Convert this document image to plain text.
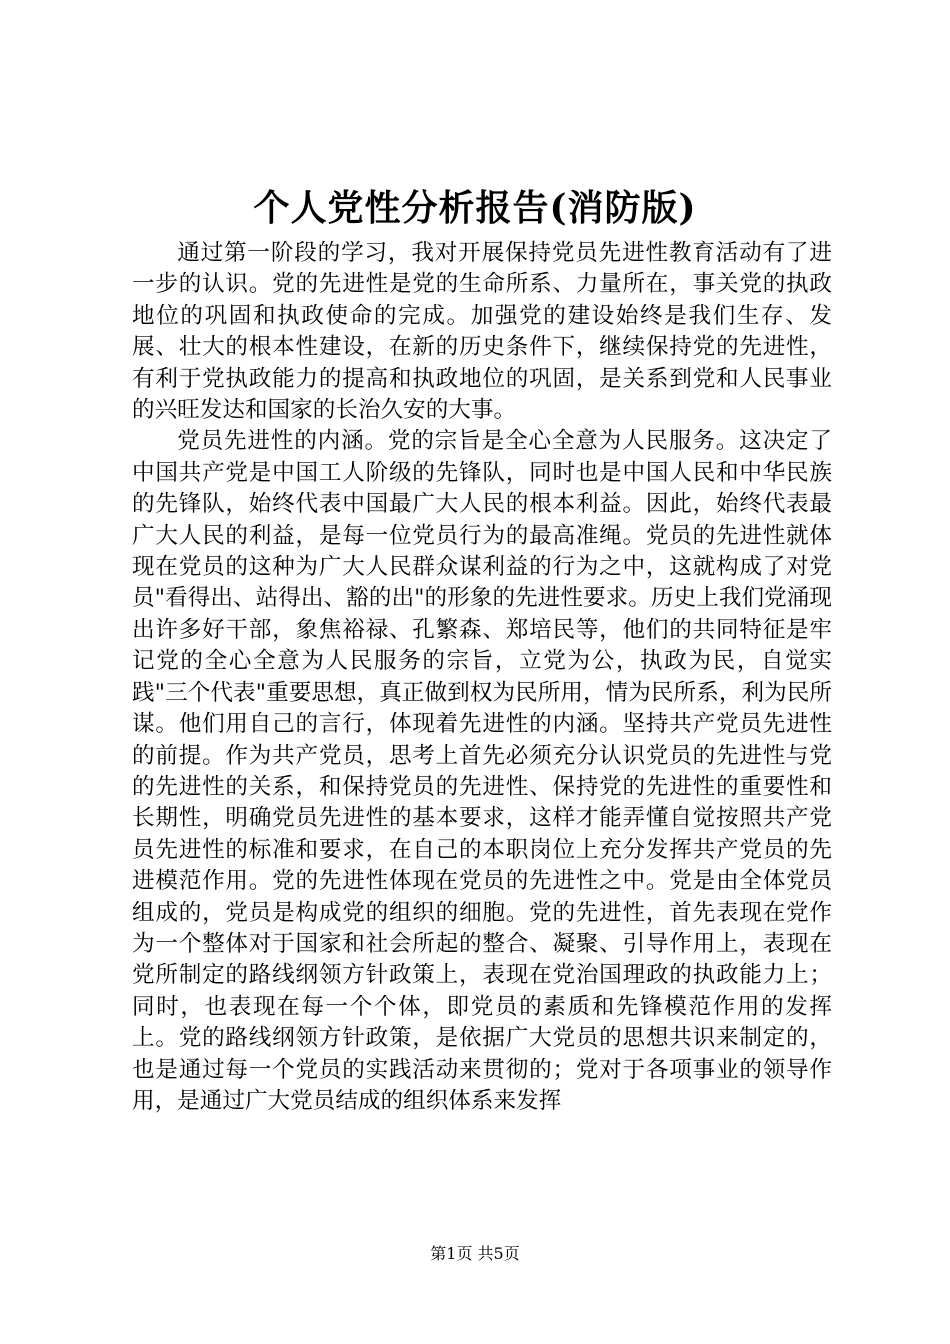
个人党性分析报告(消防版)

通过第一阶段的学习，我对开展保持党员先进性教育活动有了进一步的认识。党的先进性是党的生命所系、力量所在，事关党的执政地位的巩固和执政使命的完成。加强党的建设始终是我们生存、发展、壮大的根本性建设，在新的历史条件下，继续保持党的先进性，有利于党执政能力的提高和执政地位的巩固，是关系到党和人民事业的兴旺发达和国家的长治久安的大事。

党员先进性的内涵。党的宗旨是全心全意为人民服务。这决定了中国共产党是中国工人阶级的先锋队，同时也是中国人民和中华民族的先锋队，始终代表中国最广大人民的根本利益。因此，始终代表最广大人民的利益，是每一位党员行为的最高准绳。党员的先进性就体现在党员的这种为广大人民群众谋利益的行为之中，这就构成了对党员"看得出、站得出、豁的出"的形象的先进性要求。历史上我们党涌现出许多好干部，象焦裕禄、孔繁森、郑培民等，他们的共同特征是牢记党的全心全意为人民服务的宗旨，立党为公，执政为民，自觉实践"三个代表"重要思想，真正做到权为民所用，情为民所系，利为民所谋。他们用自己的言行，体现着先进性的内涵。坚持共产党员先进性的前提。作为共产党员，思考上首先必须充分认识党员的先进性与党的先进性的关系，和保持党员的先进性、保持党的先进性的重要性和长期性，明确党员先进性的基本要求，这样才能弄懂自觉按照共产党员先进性的标准和要求，在自己的本职岗位上充分发挥共产党员的先进模范作用。党的先进性体现在党员的先进性之中。党是由全体党员组成的，党员是构成党的组织的细胞。党的先进性，首先表现在党作为一个整体对于国家和社会所起的整合、凝聚、引导作用上，表现在党所制定的路线纲领方针政策上，表现在党治国理政的执政能力上；同时，也表现在每一个个体，即党员的素质和先锋模范作用的发挥上。党的路线纲领方针政策，是依据广大党员的思想共识来制定的，也是通过每一个党员的实践活动来贯彻的；党对于各项事业的领导作用，是通过广大党员结成的组织体系来发挥

第1页 共5页
